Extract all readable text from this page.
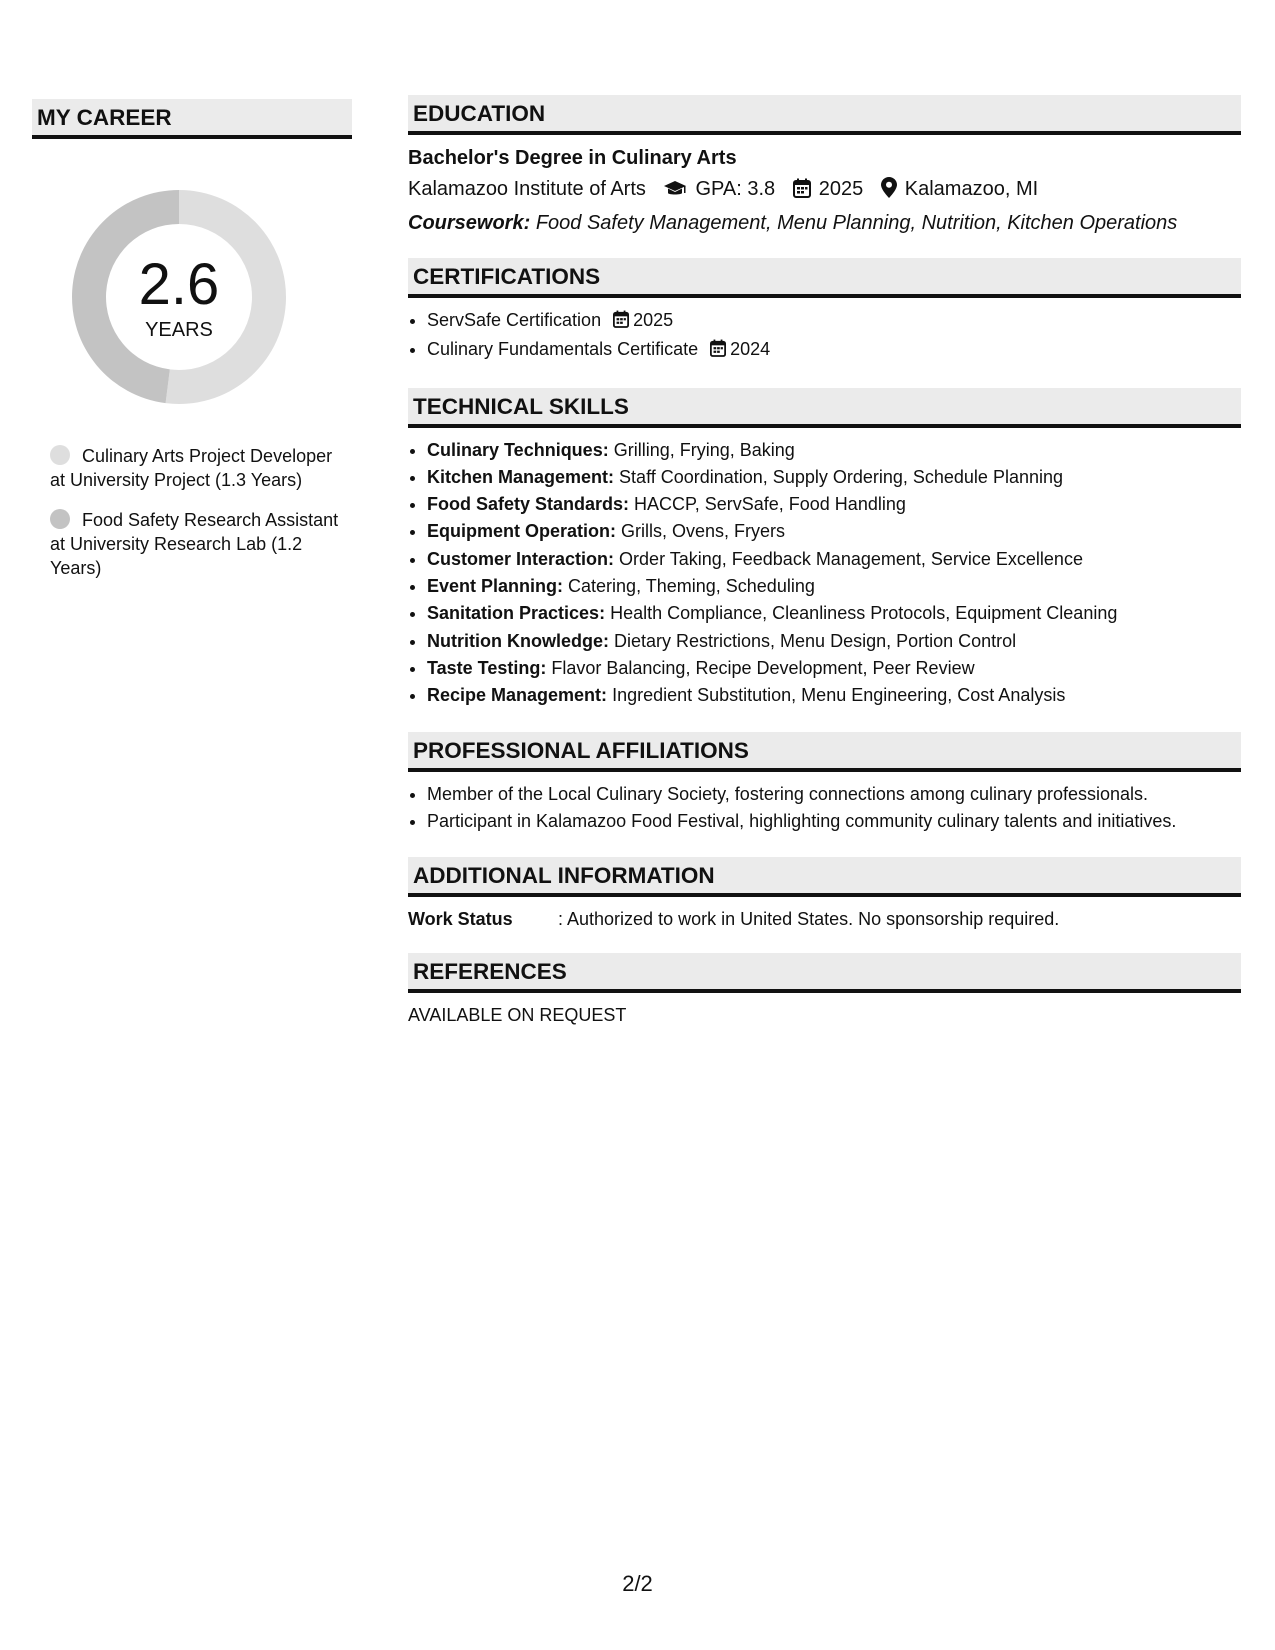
MY CAREER
2.6
YEARS
Culinary Arts Project Developer at University Project (1.3 Years)
Food Safety Research Assistant at University Research Lab (1.2 Years)
EDUCATION
Bachelor's Degree in Culinary Arts
Kalamazoo Institute of Arts GPA: 3.8 2025 Kalamazoo, MI
Coursework: Food Safety Management, Menu Planning, Nutrition, Kitchen Operations
CERTIFICATIONS
• ServSafe Certification 2025
• Culinary Fundamentals Certificate 2024
TECHNICAL SKILLS
• Culinary Techniques: Grilling, Frying, Baking
• Kitchen Management: Staff Coordination, Supply Ordering, Schedule Planning
• Food Safety Standards: HACCP, ServSafe, Food Handling
• Equipment Operation: Grills, Ovens, Fryers
• Customer Interaction: Order Taking, Feedback Management, Service Excellence
• Event Planning: Catering, Theming, Scheduling
• Sanitation Practices: Health Compliance, Cleanliness Protocols, Equipment Cleaning
• Nutrition Knowledge: Dietary Restrictions, Menu Design, Portion Control
• Taste Testing: Flavor Balancing, Recipe Development, Peer Review
• Recipe Management: Ingredient Substitution, Menu Engineering, Cost Analysis
PROFESSIONAL AFFILIATIONS
• Member of the Local Culinary Society, fostering connections among culinary professionals.
• Participant in Kalamazoo Food Festival, highlighting community culinary talents and initiatives.
ADDITIONAL INFORMATION
Work Status	: Authorized to work in United States. No sponsorship required.
REFERENCES
AVAILABLE ON REQUEST
2/2
